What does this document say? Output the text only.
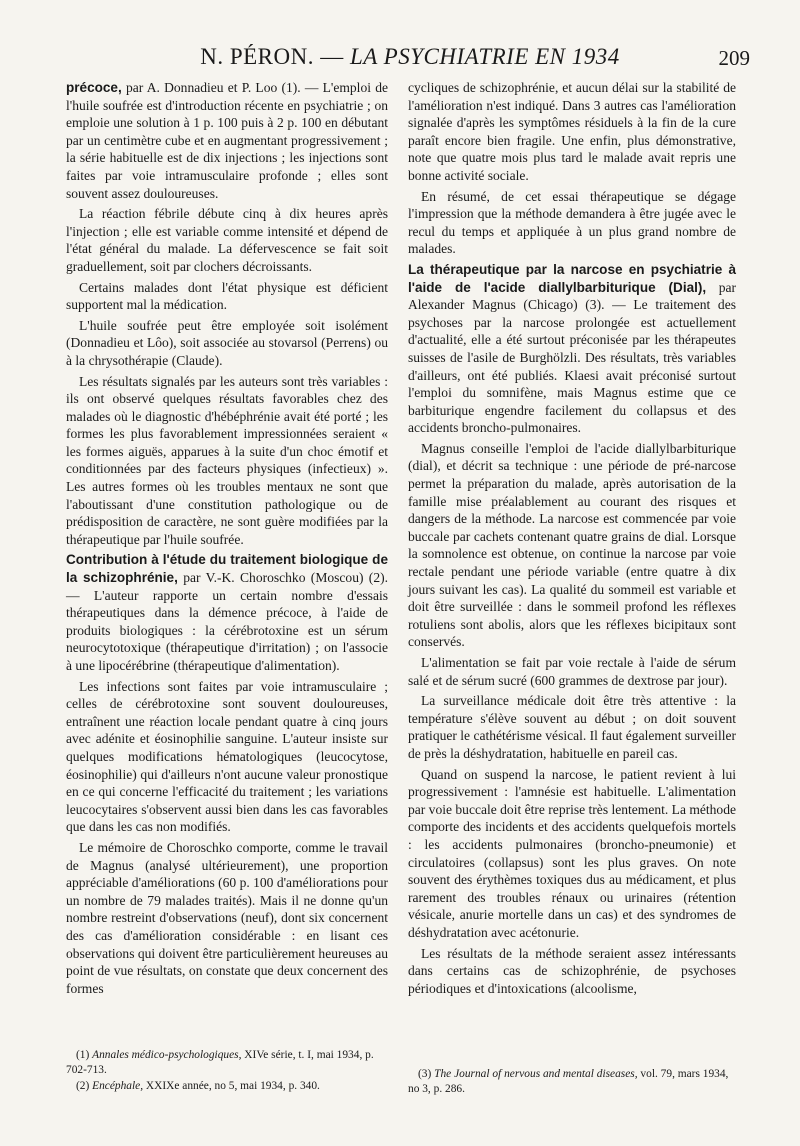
N. PÉRON. — LA PSYCHIATRIE EN 1934	209

précoce, par A. Donnadieu et P. Loo (1). — L'emploi de l'huile soufrée est d'introduction récente en psychiatrie ; on emploie une solution à 1 p. 100 puis à 2 p. 100 en débutant par un centimètre cube et en augmentant progressivement ; la série habituelle est de dix injections ; les injections sont faites par voie intramusculaire profonde ; elles sont souvent assez douloureuses.

La réaction fébrile débute cinq à dix heures après l'injection ; elle est variable comme intensité et dépend de l'état général du malade. La défervescence se fait soit graduellement, soit par clochers décroissants.

Certains malades dont l'état physique est déficient supportent mal la médication.

L'huile soufrée peut être employée soit isolément (Donnadieu et Lôo), soit associée au stovarsol (Perrens) ou à la chrysothérapie (Claude).

Les résultats signalés par les auteurs sont très variables : ils ont observé quelques résultats favorables chez des malades où le diagnostic d'hébéphrénie avait été porté ; les formes les plus favorablement impressionnées seraient « les formes aiguës, apparues à la suite d'un choc émotif et conditionnées par des facteurs physiques (infectieux) ». Les autres formes où les troubles mentaux ne sont que l'aboutissant d'une constitution pathologique ou de prédisposition de caractère, ne sont guère modifiées par la thérapeutique par l'huile soufrée.

Contribution à l'étude du traitement biologique de la schizophrénie, par V.-K. Choroschko (Moscou) (2). — L'auteur rapporte un certain nombre d'essais thérapeutiques dans la démence précoce, à l'aide de produits biologiques : la cérébrotoxine est un sérum neurocytotoxique (thérapeutique d'irritation) ; on l'associe à une lipocérébrine (thérapeutique d'alimentation).

Les infections sont faites par voie intramusculaire ; celles de cérébrotoxine sont souvent douloureuses, entraînent une réaction locale pendant quatre à cinq jours avec adénite et éosinophilie sanguine. L'auteur insiste sur quelques modifications hématologiques (leucocytose, éosinophilie) qui d'ailleurs n'ont aucune valeur pronostique en ce qui concerne l'efficacité du traitement ; les variations leucocytaires s'observent aussi bien dans les cas favorables que dans les cas non modifiés.

Le mémoire de Choroschko comporte, comme le travail de Magnus (analysé ultérieurement), une proportion appréciable d'améliorations (60 p. 100 d'améliorations pour un nombre de 79 malades traités). Mais il ne donne qu'un nombre restreint d'observations (neuf), dont six concernent des cas d'amélioration considérable : en lisant ces observations qui doivent être particulièrement heureuses au point de vue résultats, on constate que deux concernent des formes

cycliques de schizophrénie, et aucun délai sur la stabilité de l'amélioration n'est indiqué. Dans 3 autres cas l'amélioration signalée d'après les symptômes résiduels à la fin de la cure paraît encore bien fragile. Une enfin, plus démonstrative, note que quatre mois plus tard le malade avait repris une bonne activité sociale.

En résumé, de cet essai thérapeutique se dégage l'impression que la méthode demandera à être jugée avec le recul du temps et appliquée à un plus grand nombre de malades.

La thérapeutique par la narcose en psychiatrie à l'aide de l'acide diallylbarbiturique (Dial), par Alexander Magnus (Chicago) (3). — Le traitement des psychoses par la narcose prolongée est actuellement d'actualité, elle a été surtout préconisée par les thérapeutes suisses de l'asile de Burghölzli. Des résultats, très variables d'ailleurs, ont été publiés. Klaesi avait préconisé surtout l'emploi du somnifène, mais Magnus estime que ce barbiturique engendre facilement du collapsus et des accidents broncho-pulmonaires.

Magnus conseille l'emploi de l'acide diallylbarbiturique (dial), et décrit sa technique : une période de pré-narcose permet la préparation du malade, après autorisation de la famille mise préalablement au courant des risques et dangers de la méthode. La narcose est commencée par voie buccale par cachets contenant quatre grains de dial. Lorsque la somnolence est obtenue, on continue la narcose par voie rectale pendant une période variable (entre quatre à dix jours suivant les cas). La qualité du sommeil est variable et doit être surveillée : dans le sommeil profond les réflexes rotuliens sont abolis, alors que les réflexes bicipitaux sont conservés.

L'alimentation se fait par voie rectale à l'aide de sérum salé et de sérum sucré (600 grammes de dextrose par jour).

La surveillance médicale doit être très attentive : la température s'élève souvent au début ; on doit souvent pratiquer le cathétérisme vésical. Il faut également surveiller de près la déshydratation, habituelle en pareil cas.

Quand on suspend la narcose, le patient revient à lui progressivement : l'amnésie est habituelle. L'alimentation par voie buccale doit être reprise très lentement. La méthode comporte des incidents et des accidents quelquefois mortels : les accidents pulmonaires (broncho-pneumonie) et circulatoires (collapsus) sont les plus graves. On note souvent des érythèmes toxiques dus au médicament, et plus rarement des troubles rénaux ou urinaires (rétention vésicale, anurie mortelle dans un cas) et des syndromes de déshydratation avec acétonurie.

Les résultats de la méthode seraient assez intéressants dans certains cas de schizophrénie, de psychoses périodiques et d'intoxications (alcoolisme,

(1) Annales médico-psychologiques, XIVe série, t. I, mai 1934, p. 702-713.

(2) Encéphale, XXIXe année, no 5, mai 1934, p. 340.

(3) The Journal of nervous and mental diseases, vol. 79, mars 1934, no 3, p. 286.
